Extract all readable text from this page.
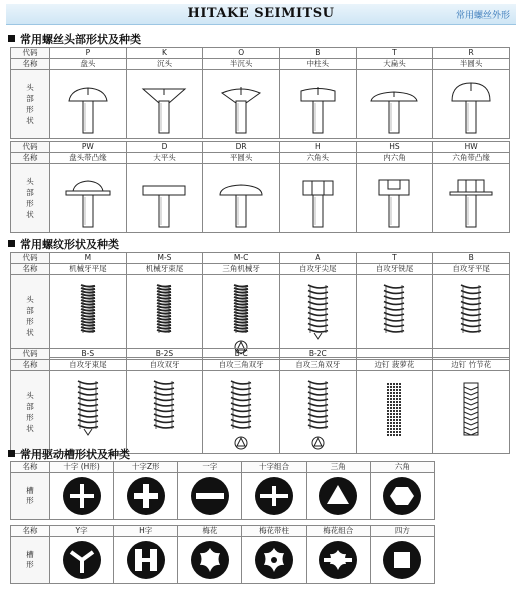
HITAKE SEIMITSU	常用螺丝外形
常用螺丝头部形状及种类
代码	P	K	O	B	T	R
名称	盘头	沉头	半沉头	中柱头	大扁头	半圆头
头
部
形
状	

代码	PW	D	DR	H	HS	HW
名称	盘头带凸缘	大平头	平圆头	六角头	内六角	六角带凸缘
头
部
形
状	

常用螺纹形状及种类
代码	M	M-S	M-C	A	T	B
名称	机械牙平尾	机械牙束尾	三角机械牙	自攻牙尖尾	自攻牙铣尾	自攻牙平尾
头
部
形
状	

代码	B-S	B-2S	B-C	B-2C		
名称	自攻牙束尾	自攻双牙	自攻三角双牙	自攻三角双牙	边钉 菠萝花	边钉 竹节花
头
部
形
状	

常用驱动槽形状及种类
名称	十字 (H形)	十字Z形	一字	十字组合	三角	六角
槽
形	

名称	Y字	H字	梅花	梅花带柱	梅花组合	四方
槽
形	
